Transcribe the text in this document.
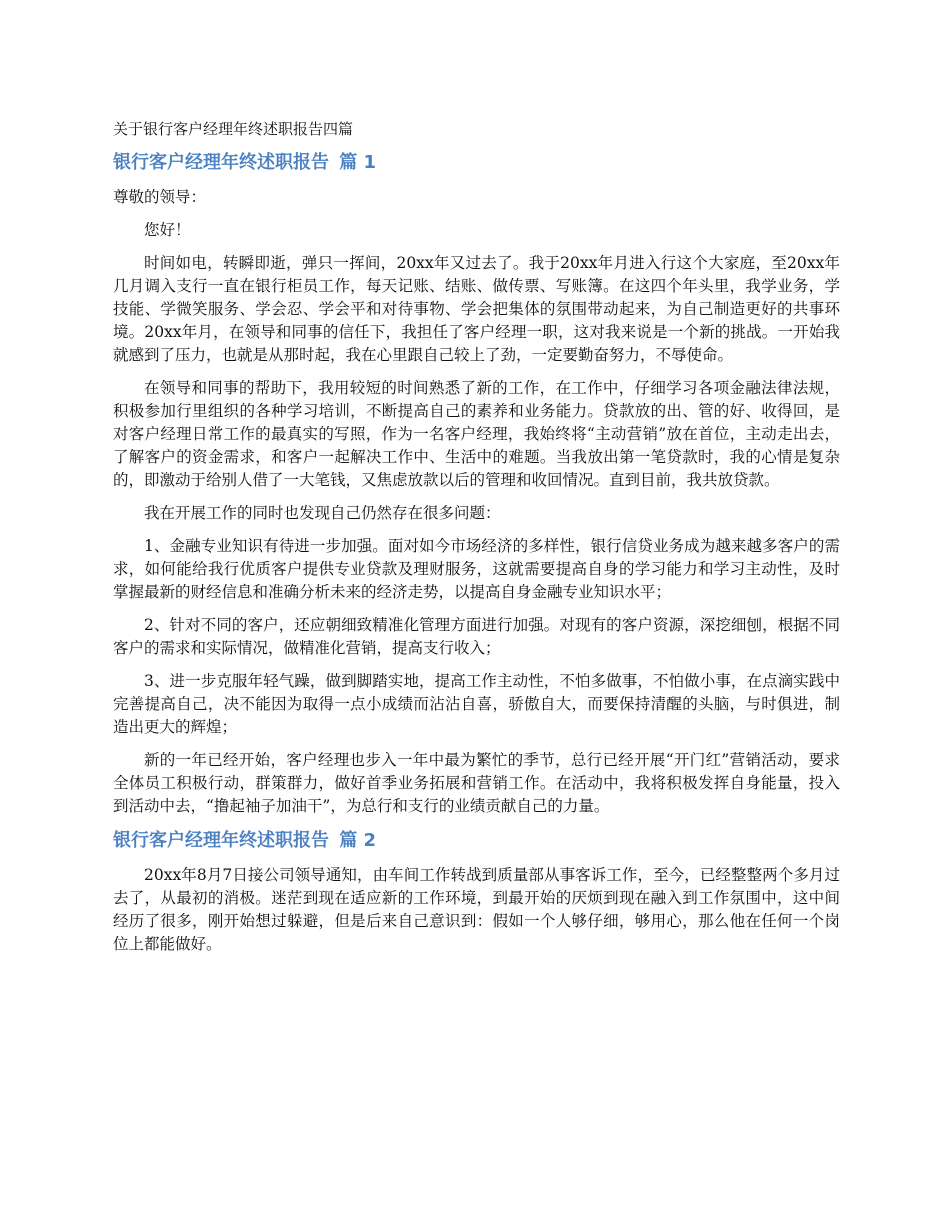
关于银行客户经理年终述职报告四篇
银行客户经理年终述职报告 篇 1
尊敬的领导：
您好！
时间如电，转瞬即逝，弹只一挥间，20xx年又过去了。我于20xx年月进入行这个大家庭，至20xx年几月调入支行一直在银行柜员工作，每天记账、结账、做传票、写账簿。在这四个年头里，我学业务，学技能、学微笑服务、学会忍、学会平和对待事物、学会把集体的氛围带动起来，为自己制造更好的共事环境。20xx年月，在领导和同事的信任下，我担任了客户经理一职，这对我来说是一个新的挑战。一开始我就感到了压力，也就是从那时起，我在心里跟自己较上了劲，一定要勤奋努力，不辱使命。
在领导和同事的帮助下，我用较短的时间熟悉了新的工作，在工作中，仔细学习各项金融法律法规，积极参加行里组织的各种学习培训，不断提高自己的素养和业务能力。贷款放的出、管的好、收得回，是对客户经理日常工作的最真实的写照，作为一名客户经理，我始终将“主动营销”放在首位，主动走出去，了解客户的资金需求，和客户一起解决工作中、生活中的难题。当我放出第一笔贷款时，我的心情是复杂的，即激动于给别人借了一大笔钱，又焦虑放款以后的管理和收回情况。直到目前，我共放贷款。
我在开展工作的同时也发现自己仍然存在很多问题：
1、金融专业知识有待进一步加强。面对如今市场经济的多样性，银行信贷业务成为越来越多客户的需求，如何能给我行优质客户提供专业贷款及理财服务，这就需要提高自身的学习能力和学习主动性，及时掌握最新的财经信息和准确分析未来的经济走势，以提高自身金融专业知识水平；
2、针对不同的客户，还应朝细致精准化管理方面进行加强。对现有的客户资源，深挖细刨，根据不同客户的需求和实际情况，做精准化营销，提高支行收入；
3、进一步克服年轻气躁，做到脚踏实地，提高工作主动性，不怕多做事，不怕做小事，在点滴实践中完善提高自己，决不能因为取得一点小成绩而沾沾自喜，骄傲自大，而要保持清醒的头脑，与时俱进，制造出更大的辉煌；
新的一年已经开始，客户经理也步入一年中最为繁忙的季节，总行已经开展“开门红”营销活动，要求全体员工积极行动，群策群力，做好首季业务拓展和营销工作。在活动中，我将积极发挥自身能量，投入到活动中去，“撸起袖子加油干”，为总行和支行的业绩贡献自己的力量。
银行客户经理年终述职报告 篇 2
20xx年8月7日接公司领导通知，由车间工作转战到质量部从事客诉工作，至今，已经整整两个多月过去了，从最初的消极。迷茫到现在适应新的工作环境，到最开始的厌烦到现在融入到工作氛围中，这中间经历了很多，刚开始想过躲避，但是后来自己意识到：假如一个人够仔细，够用心，那么他在任何一个岗位上都能做好。
